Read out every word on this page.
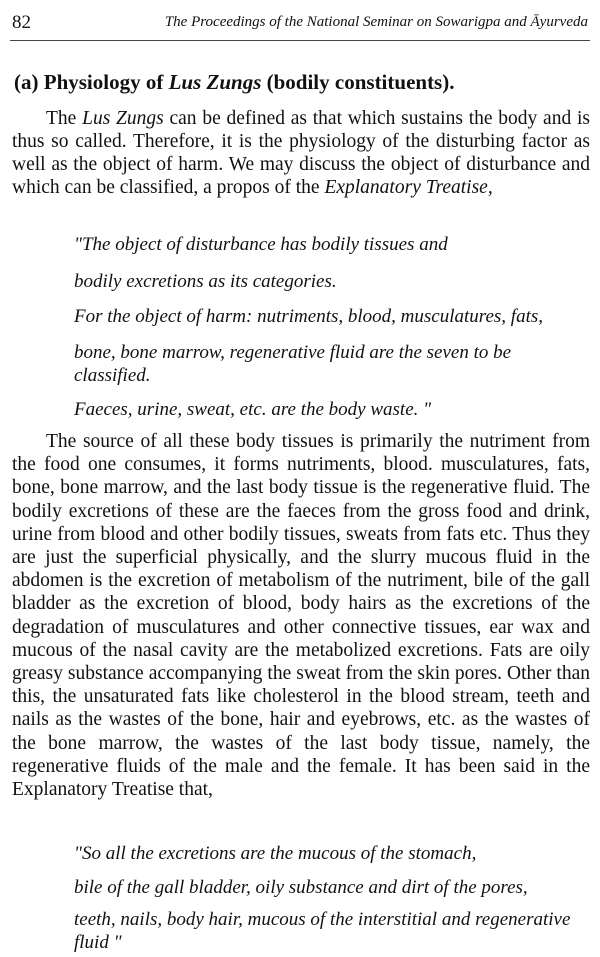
82	The Proceedings of the National Seminar on Sowarigpa and Āyurveda
(a) Physiology of Lus Zungs (bodily constituents).

The Lus Zungs can be defined as that which sustains the body and is thus so called. Therefore, it is the physiology of the disturbing factor as well as the object of harm. We may discuss the object of disturbance and which can be classified, a propos of the Explanatory Treatise,

"The object of disturbance has bodily tissues and

bodily excretions as its categories.

For the object of harm: nutriments, blood, musculatures, fats,

bone, bone marrow, regenerative fluid are the seven to be classified.

Faeces, urine, sweat, etc. are the body waste. "

The source of all these body tissues is primarily the nutriment from the food one consumes, it forms nutriments, blood. musculatures, fats, bone, bone marrow, and the last body tissue is the regenerative fluid. The bodily excretions of these are the faeces from the gross food and drink, urine from blood and other bodily tissues, sweats from fats etc. Thus they are just the superficial physically, and the slurry mucous fluid in the abdomen is the excretion of metabolism of the nutriment, bile of the gall bladder as the excretion of blood, body hairs as the excretions of the degradation of musculatures and other connective tissues, ear wax and mucous of the nasal cavity are the metabolized excretions. Fats are oily greasy substance accompanying the sweat from the skin pores. Other than this, the unsaturated fats like cholesterol in the blood stream, teeth and nails as the wastes of the bone, hair and eyebrows, etc. as the wastes of the bone marrow, the wastes of the last body tissue, namely, the regenerative fluids of the male and the female. It has been said in the Explanatory Treatise that,

"So all the excretions are the mucous of the stomach,

bile of the gall bladder, oily substance and dirt of the pores,

teeth, nails, body hair, mucous of the interstitial and regenerative fluid "
